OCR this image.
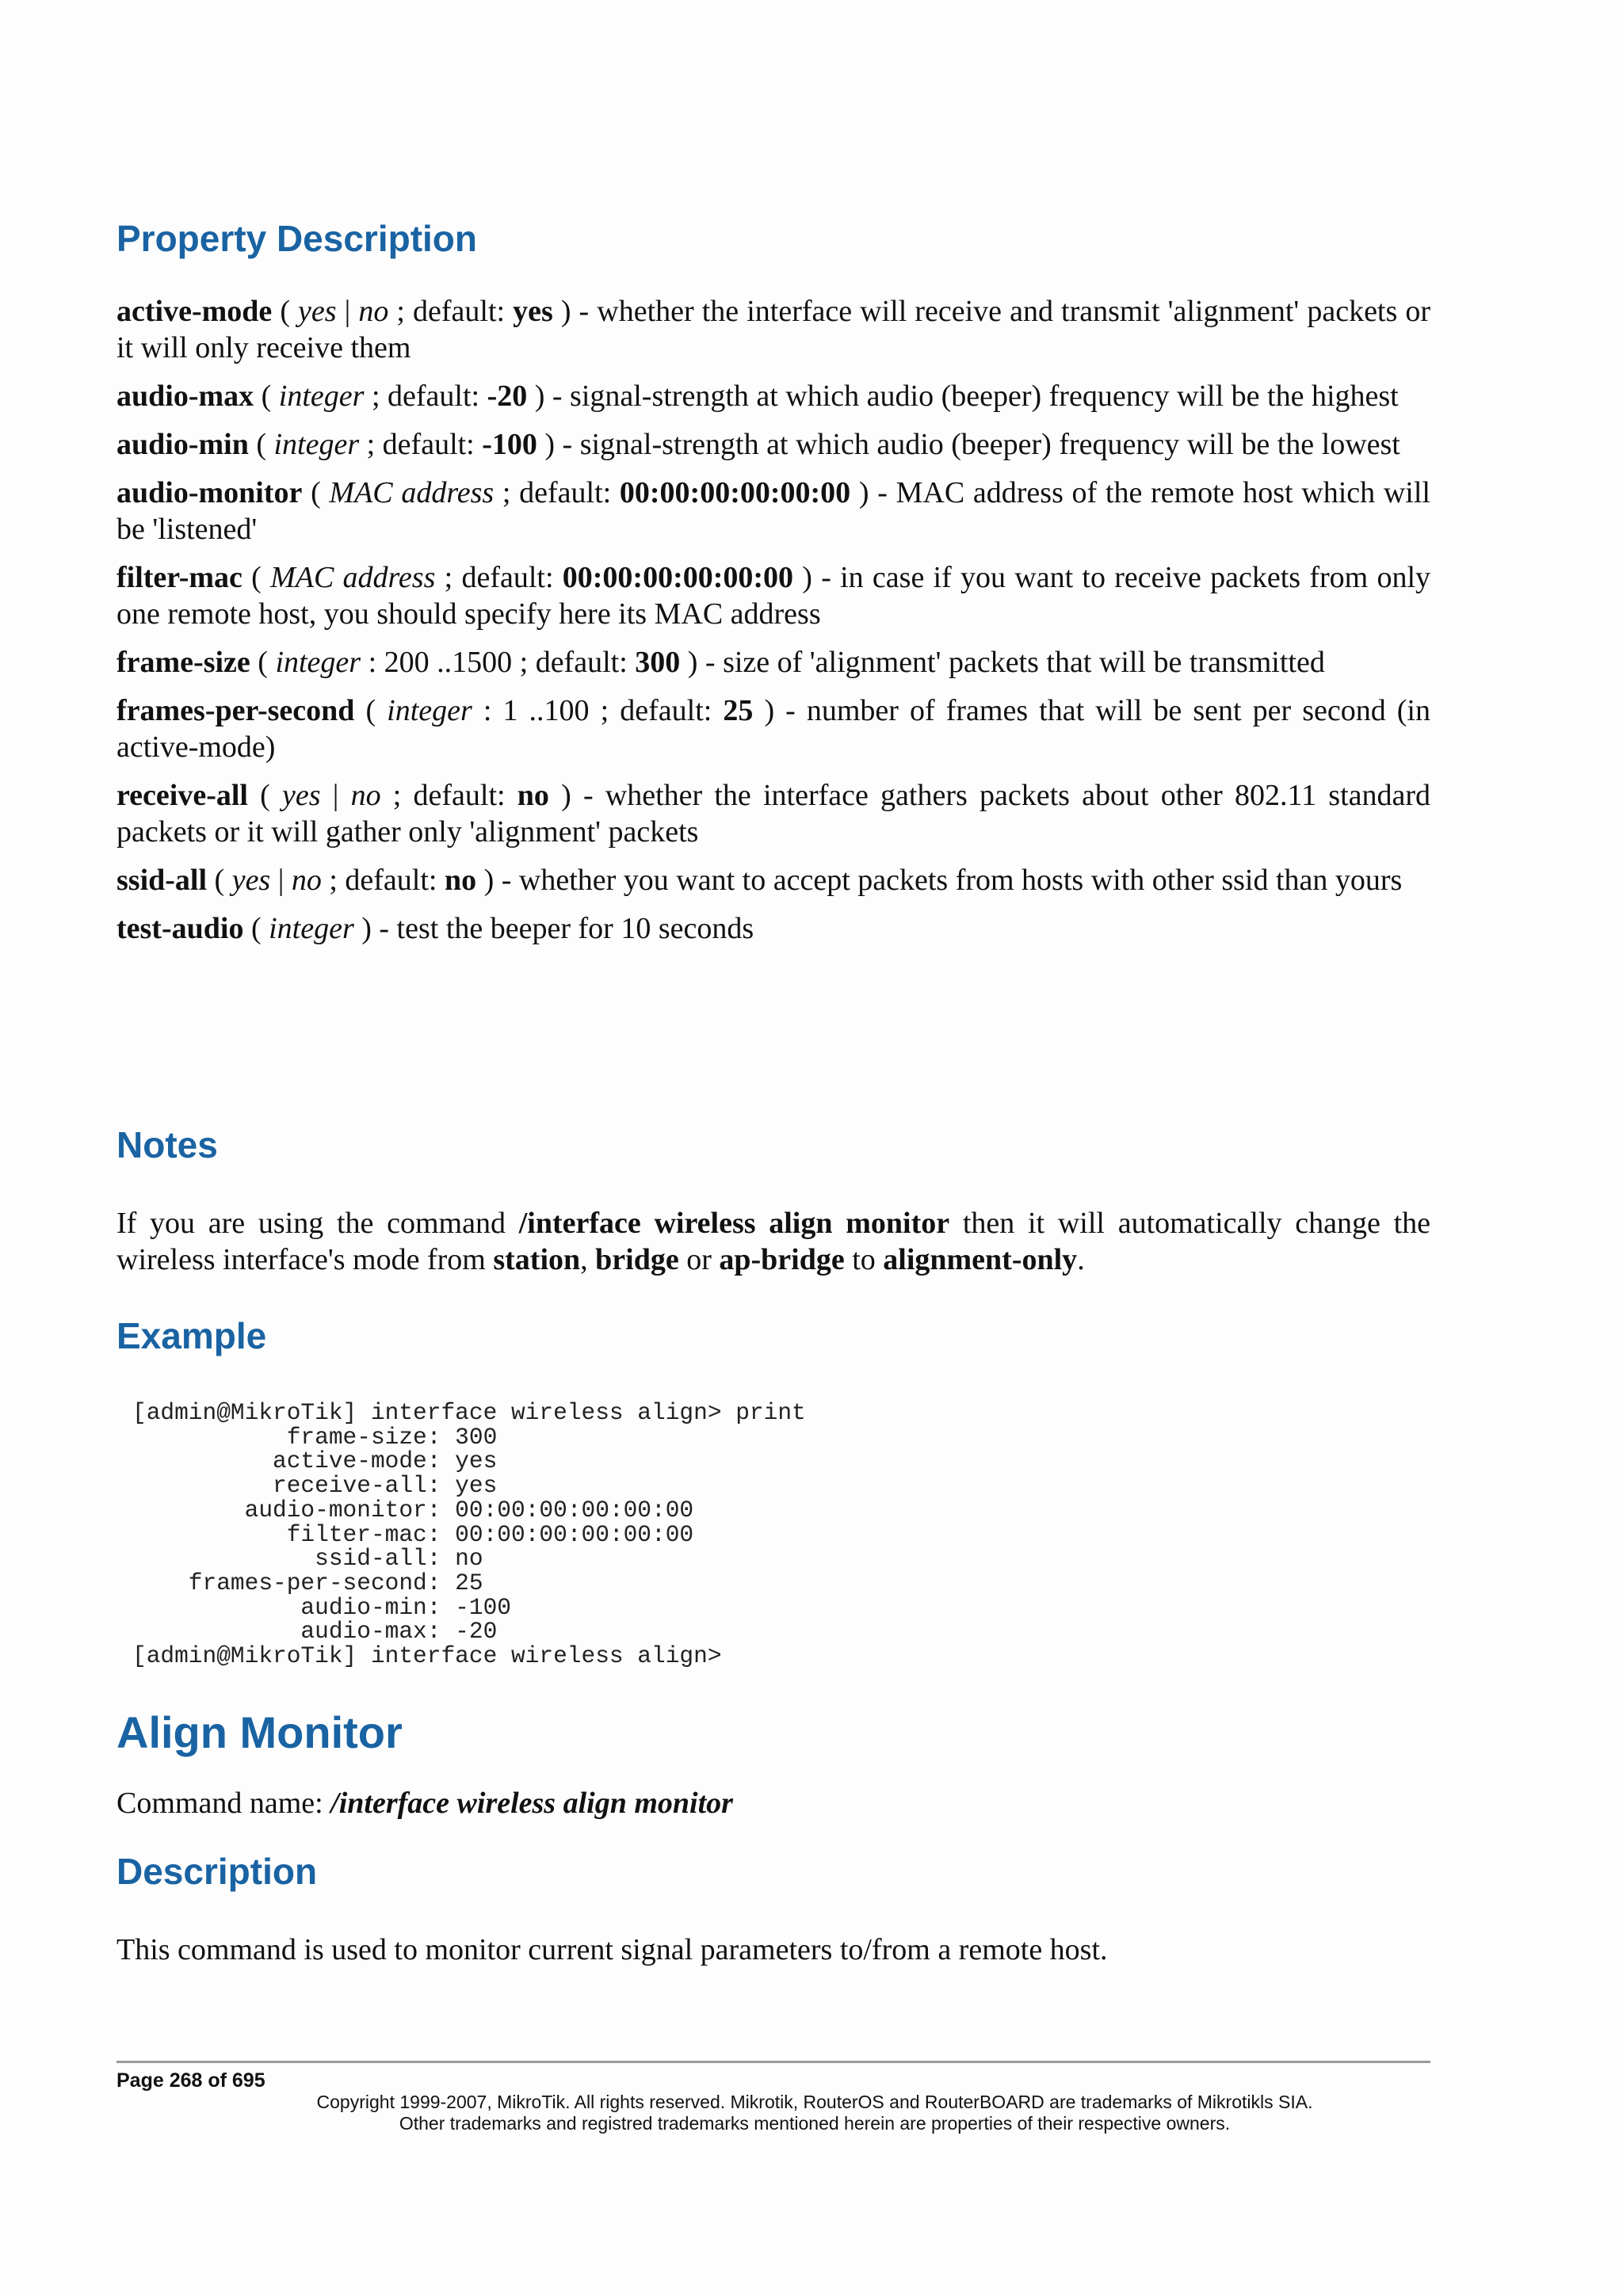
Property Description

active-mode ( yes | no ; default: yes ) - whether the interface will receive and transmit 'alignment' packets or it will only receive them

audio-max ( integer ; default: -20 ) - signal-strength at which audio (beeper) frequency will be the highest

audio-min ( integer ; default: -100 ) - signal-strength at which audio (beeper) frequency will be the lowest

audio-monitor ( MAC address ; default: 00:00:00:00:00:00 ) - MAC address of the remote host which will be 'listened'

filter-mac ( MAC address ; default: 00:00:00:00:00:00 ) - in case if you want to receive packets from only one remote host, you should specify here its MAC address

frame-size ( integer : 200 ..1500 ; default: 300 ) - size of 'alignment' packets that will be transmitted

frames-per-second ( integer : 1 ..100 ; default: 25 ) - number of frames that will be sent per second (in active-mode)

receive-all ( yes | no ; default: no ) - whether the interface gathers packets about other 802.11 standard packets or it will gather only 'alignment' packets

ssid-all ( yes | no ; default: no ) - whether you want to accept packets from hosts with other ssid than yours

test-audio ( integer ) - test the beeper for 10 seconds

Notes

If you are using the command /interface wireless align monitor then it will automatically change the wireless interface's mode from station, bridge or ap-bridge to alignment-only.

Example
[admin@MikroTik] interface wireless align> print
frame-size: 300
active-mode: yes
receive-all: yes
audio-monitor: 00:00:00:00:00:00
filter-mac: 00:00:00:00:00:00
ssid-all: no
frames-per-second: 25
audio-min: -100
audio-max: -20
[admin@MikroTik] interface wireless align>
Align Monitor

Command name: /interface wireless align monitor

Description

This command is used to monitor current signal parameters to/from a remote host.

Page 268 of 695
Copyright 1999-2007, MikroTik. All rights reserved. Mikrotik, RouterOS and RouterBOARD are trademarks of Mikrotikls SIA.
Other trademarks and registred trademarks mentioned herein are properties of their respective owners.
